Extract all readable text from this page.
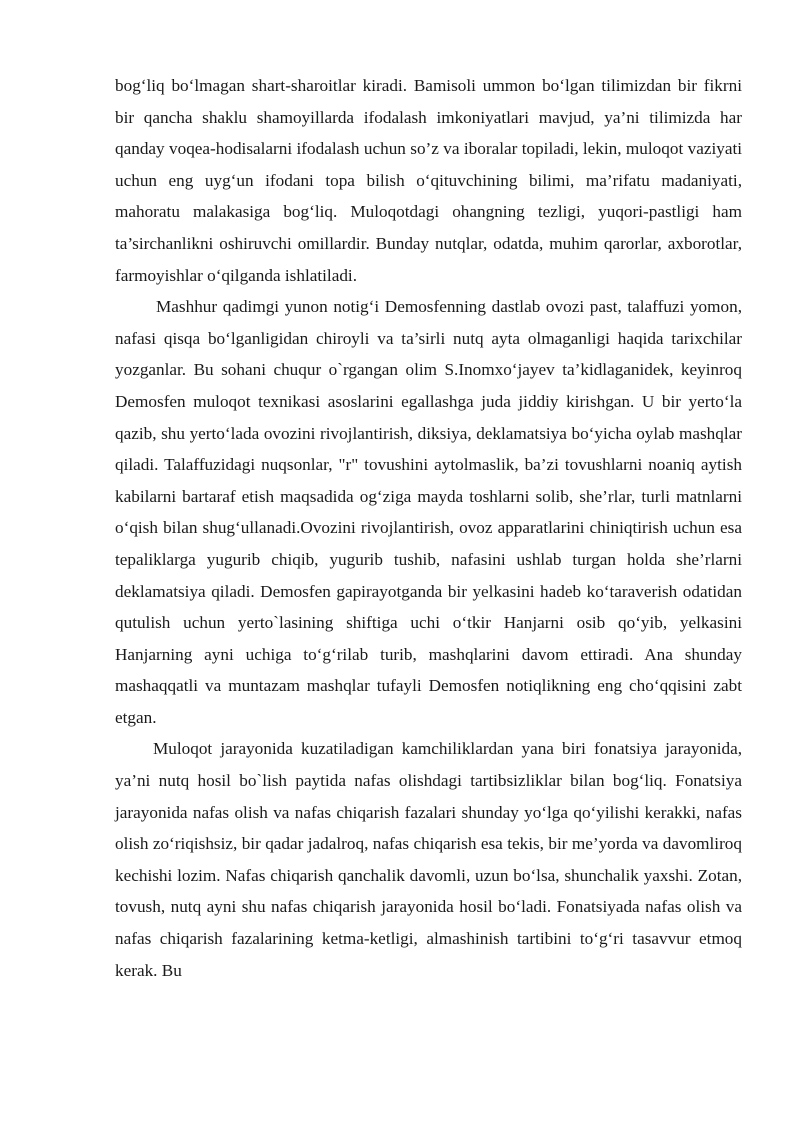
bog‘liq bo‘lmagan shart-sharoitlar kiradi. Bamisoli ummon bo‘lgan tilimizdan bir fikrni bir qancha shaklu shamoyillarda ifodalash imkoniyatlari mavjud, ya’ni tilimizda har qanday voqea-hodisalarni ifodalash uchun so’z va iboralar topiladi, lekin, muloqot vaziyati uchun eng uyg‘un ifodani topa bilish o‘qituvchining bilimi, ma’rifatu madaniyati, mahoratu malakasiga bog‘liq. Muloqotdagi ohangning tezligi, yuqori-pastligi ham ta’sirchanlikni oshiruvchi omillardir. Bunday nutqlar, odatda, muhim qarorlar, axborotlar, farmoyishlar o‘qilganda ishlatiladi.

Mashhur qadimgi yunon notig‘i Demosfenning dastlab ovozi past, talaffuzi yomon, nafasi qisqa bo‘lganligidan chiroyli va ta’sirli nutq ayta olmaganligi haqida tarixchilar yozganlar. Bu sohani chuqur o`rgangan olim S.Inomxo‘jayev ta’kidlaganidek, keyinroq Demosfen muloqot texnikasi asoslarini egallashga juda jiddiy kirishgan. U bir yerto‘la qazib, shu yerto‘lada ovozini rivojlantirish, diksiya, deklamatsiya bo‘yicha oylab mashqlar qiladi. Talaffuzidagi nuqsonlar, "r" tovushini aytolmaslik, ba’zi tovushlarni noaniq aytish kabilarni bartaraf etish maqsadida og‘ziga mayda toshlarni solib, she’rlar, turli matnlarni o‘qish bilan shug‘ullanadi.Ovozini rivojlantirish, ovoz apparatlarini chiniqtirish uchun esa tepaliklarga yugurib chiqib, yugurib tushib, nafasini ushlab turgan holda she’rlarni deklamatsiya qiladi. Demosfen gapirayotganda bir yelkasini hadeb ko‘taraverish odatidan qutulish uchun yerto`lasining shiftiga uchi o‘tkir Hanjarni osib qo‘yib, yelkasini Hanjarning ayni uchiga to‘g‘rilab turib, mashqlarini davom ettiradi. Ana shunday mashaqqatli va muntazam mashqlar tufayli Demosfen notiqlikning eng cho‘qqisini zabt etgan.

Muloqot jarayonida kuzatiladigan kamchiliklardan yana biri fonatsiya jarayonida, ya’ni nutq hosil bo`lish paytida nafas olishdagi tartibsizliklar bilan bog‘liq. Fonatsiya jarayonida nafas olish va nafas chiqarish fazalari shunday yo‘lga qo‘yilishi kerakki, nafas olish zo‘riqishsiz, bir qadar jadalroq, nafas chiqarish esa tekis, bir me’yorda va davomliroq kechishi lozim. Nafas chiqarish qanchalik davomli, uzun bo‘lsa, shunchalik yaxshi. Zotan, tovush, nutq ayni shu nafas chiqarish jarayonida hosil bo‘ladi. Fonatsiyada nafas olish va nafas chiqarish fazalarining ketma-ketligi, almashinish tartibini to‘g‘ri tasavvur etmoq kerak. Bu
